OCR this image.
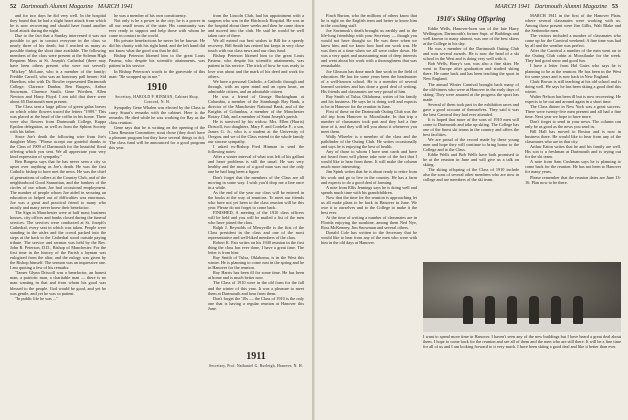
52 Dartmouth Alumni Magazine MARCH 1941

and for two days he did very well. In the hospital they found that he had a slight heart attack from which he is now recovering and should have found another local attack during the night.

Due to the fact that a Sunday intervened it was not possible to get in contact everyone in the class so nearly three of his death, but I reached as many as possible during the short time available. The following members of the class were present at the Solemn High Requiem Mass at St. Joseph's Cathedral (there may have been others present who were not served): "Mickey" McLane, who is a member of the family; Freddie Carroll, who was an honorary pall bearer; Sid Hazelton, who with Dr. Bowler represented Dartmouth College; Clarence Dunbar, Ben Burgess, Arthur Snowman, Clarence Smith, Gene Worthen, Allen Newton and Harry Floyd. I am told that there were about 65 Dartmouth men present.

The Class sent a large pillow of green galax leaves on which white flowers traced the letters "1909." This was placed at the head of the coffin in his home. There were also flowers from Dartmouth College, Kappa Epsilon delegation, as well as from the Sphinx Society with his father.

Since Joe's death the following wire from Joe's daughter Mary: "Please accept our grateful thanks to the Class of 1909 of Dartmouth for the beautiful floral offering which you sent. We all appreciate your very kind expression of sympathy."

Ben Burgess says that he has never seen a city so upset over anything as Joe's death. He was the first Catholic bishop to have met the news. He was the chief of generations of callers at the Country Club, and of the neighborhood Good Samaritan, and the bankers of the circles of our whom Joe had occasional employment. The number of people whom Joe aided in securing an education or helped out of difficulties was enormous. Joe was a great and practical friend to many who mostly and many never knew their benefactor.

The Sign in Manchester were at half mast; business houses, city offices and banks closed during the funeral services. The services were conducted at St. Joseph's Cathedral, every seat in which was taken. People were standing in the aisles and the crowd packed into the steps at the back to the Cathedral stood outside paying tribute. The service and sermon was held by the Rev. John R. Peterson, D.D., Bishop of Manchester. For the first time in the history of the Parish a layman was eulogized from the altar, and the eulogy was given by the Bishop himself. The sermon was an impressive one. I am quoting a few of his remarks:

"James Glynn Driscoll was a benefactor, an honest man, a patriotic man, a charitable man — there is no man wanting in that and from whom his good was blessed to the people. God would be good, and yet he was gentle, and yet he was so patient.

"In public life he was ..."

he was a member of his own constituency.

Not only is he a power in the city; he is a power in all our small towns of the state. His community was ever ready to support and help those with whom he came in contact in the world.

His private benefactions he never let be known. He did his charity with his right hand, and the left hand did not know what the good was that he did.

Bishop Peterson likened him to the great Louis Pasteur, who despite his scientific attainments, was patient in his service.

In Bishop Peterson's words to the graveside of this man: "Be wrapped up in me."

1910
Secretary, HAROLD P. HINMAN, Cabinet Shop, Concord, N. H.

Sympathy Gene Whalen was elected by the Class to carry Stuart's remarks with the cabinet. Here is the remarks. He died while he was working for Ray as the class reunion.

Gene says that he is writing on the opening of the Class Reunion Committee; stout chose (they don't have a pleasant program but they have several things to do). The class fund will be announced for a good program this year.

from the Lincoln Club, had his appointment with a surgeon who was in the Hitchcock Hospital. He was in the hospital about three weeks and then he came down and moved into the club. He said he would be well taken care of there.

We all extend our best wishes to Bill for a speedy recovery. Bill Smith has retired but keeps in very close touch with our class news and our class fund.

Bishop Peterson likened him to the great Louis Pasteur, who despite his scientific attainments, was patient in his service. The trick of how he was ready to love was about and the mark of his deed and work for others.

We have a personal Catholic, a Catholic through and through, with an open mind and an open heart, an admirable citizen, and an admirable citizen.

He was a friend of George Buckingham at Columbia, a member of the Stambaugh Bay Bank, a director of the Manchester National Bank, and of the Knights of Columbus, a member of the Manchester Rotary Club, and a member of Saint Joseph's parish.

He is survived by his widow, Mrs. Ellen (Harris) Driscoll, two daughters, Mary F. and Cordelia F., a son, James G. Jr., who is a student at the University of Oregon, and we of the Class extend to the whole family our sincere sympathy.

I asked ex-Bishop Fred Hinman to send the following notes:

After a winter interval of what was left of his gallant and heart problems is still the usual. He was very healthy and the most of a good man was not the only one he had long been a figure.

Don't forget that the members of the Class are all moving in some way. I wish you'd drop me a line once in a while.

As the end of the year our class will be entered in the books at the way of reunions. To meet our friends who have not yet been to the class reunion will be this year. Please do not forget to come back.

FINISHED, A meeting of the 1910 class officers will be held and you will be mailed a list of the men who have joined the class.

Ralph J. Reynolds of Merryville is the first of the Class president in the class and one of the most representative and well-liked members of the class.

Robert K. Fair writes on his 1940 reunion in the first thing the class has ever done, I have a great time. The letter is from him:

Ray Smith of Tulsa, Oklahoma, is in the West this winter. He is planning to come east in the spring and be in Hanover for the reunion.

Ray Harris has been ill for some time. He has been at home and is much better now.

The Class of 1910 were in the old form for the fall and the winter of this year. It was a pleasure to meet them at Dartmouth and hear from them.

Don't forget the '10s — the Class of 1910 is the only one that is having a regular reunion at Hanover this June.

1911
Secretary, Prof. Nathaniel G. Burleigh, Hanover, N. H.
MARCH 1941 Dartmouth Alumni Magazine 53

Finch Burton, who the millions of others know that he is right on the English term and better to know him in the coaching staff.

Joe Savimusk's death brought us earthly and to the life-long friendship with your Secretary — though you would not have thought so. He was there when we knew him, and we know how hard our work was. He was then at a time when we all were rather down. He was a very quiet and unassuming man of deep interests and went about his work with a thoroughness that was remarkable.

Joe Gleason has done much fine work in the field of education. He has for some years been the headmaster of a well-known school. He is a member of several learned societies and has done a good deal of writing. His friends and classmates are very proud of him.

Ray Smith of Tulsa, Oklahoma, writes of his family and his business. He says he is doing well and expects to be in Hanover for the reunion in June.

First of these on the Dartmouth Outing Club was the old trip from Hanover to Moosilauke. In that trip a number of classmates took part and they had a fine time of it, and they will tell you about it whenever you meet them.

Wally Wheeler is a member of the class and the pathfinder of the Outing Club. He writes occasionally and says he is enjoying the best of health.

Any of those to whom I have sent cards and have not heard from will please take note of the fact that I would like to hear from them. It will make the column much more interesting.

Jim Spink writes that he is about ready to retire from his work and go to live in the country. He has a farm and expects to do a good deal of farming.

A note from Ellis Jennings says he is doing well and spends much time with his grandchildren.

Now that the time for the reunion is approaching let us all make plans to be back in Hanover in June. We owe it to ourselves and to the College to make it the best ever.

At the time of writing a number of classmates are in Florida enjoying the sunshine, among them Ned Nye, Ross McKenney, Jim Snowman and several others.

Donald Cole has written to the Secretary that he would like to hear from any of the men who were with him in the old days at Hanover.

1910's Skiing Offspring

Eddie Wells, Hanover-born son of the late Harry Wellington, Dartmouth's former Supt. of Buildings and well known to many alumni, was one of the best skiers at the College in his day.

He was a member of the Dartmouth Outing Club and won several awards. He is now the head of a ski school in the West and is doing very well with it.

Bob Wells, Harry's son, was also a fine skier. He went to Europe after graduation and studied skiing there. He came back and has been teaching the sport in New England.

The annual Winter Carnival brought back many of the old-timers who were at Hanover in the early days of skiing. They were amazed at the progress the sport has made.

Several of them took part in the exhibition races and gave a good account of themselves. They said it was the best Carnival they had ever attended.

It is hoped that more of the sons of 1910 men will come to Dartmouth and take up skiing. The College has one of the finest ski teams in the country and offers the best facilities.

We are proud of the record made by these young men and hope they will continue to bring honor to the College and to the Class.

Eddie Wells and Bob Wells have both promised to be at the reunion in June and will give us a talk on skiing.

The skiing offspring of the Class of 1910 include also the sons of several other members who are now in college and are members of the ski team.

MARCH 1941 in the first of the Hanover Plain, where several classmates were working with us. Among those present were Jim Gillis, Walt Blake and the Seabrooke men.

The visitors included a number of classmates who came up for the Carnival weekend. A fine time was had by all and the weather was perfect.

After the Carnival a number of the men went on to the Outing Club cabin at Moosilauke for the week. They had good snow and good fun.

I have a letter from Hal Gates who says he is planning to be at the reunion. He has been in the West for some years and is now back in New England.

Clark Brown is still teaching at his old school and is doing well. He says he has been skiing a good deal this winter.

Walter Nelson has been ill but is now recovering. He expects to be out and around again in a short time.

The Class dinner in New York was a great success. There were twenty-five men present and all had a fine time. Next year we hope to have more.

Don't forget to send in your news. The column can only be as good as the news you send in.

Bill Hall has moved to Boston and is now in business there. He would like to hear from any of the classmates who are in that city.

Arthur Eaton writes that he and his family are well. His son is a freshman at Dartmouth and is trying out for the ski team.

A note from Sam Cushman says he is planning to come back for the reunion. He has not been to Hanover for many years.

Please remember that the reunion dates are June 13-16. Plan now to be there.

I want to spend more time in Hanover. I haven't seen any of the new buildings but I have heard a great deal about them. I hope to come back for the reunion and see all of them and the men who are still there. It will be a fine time for all of us and I am looking forward to it very much. I have been skiing a good deal and like it better than ever.
